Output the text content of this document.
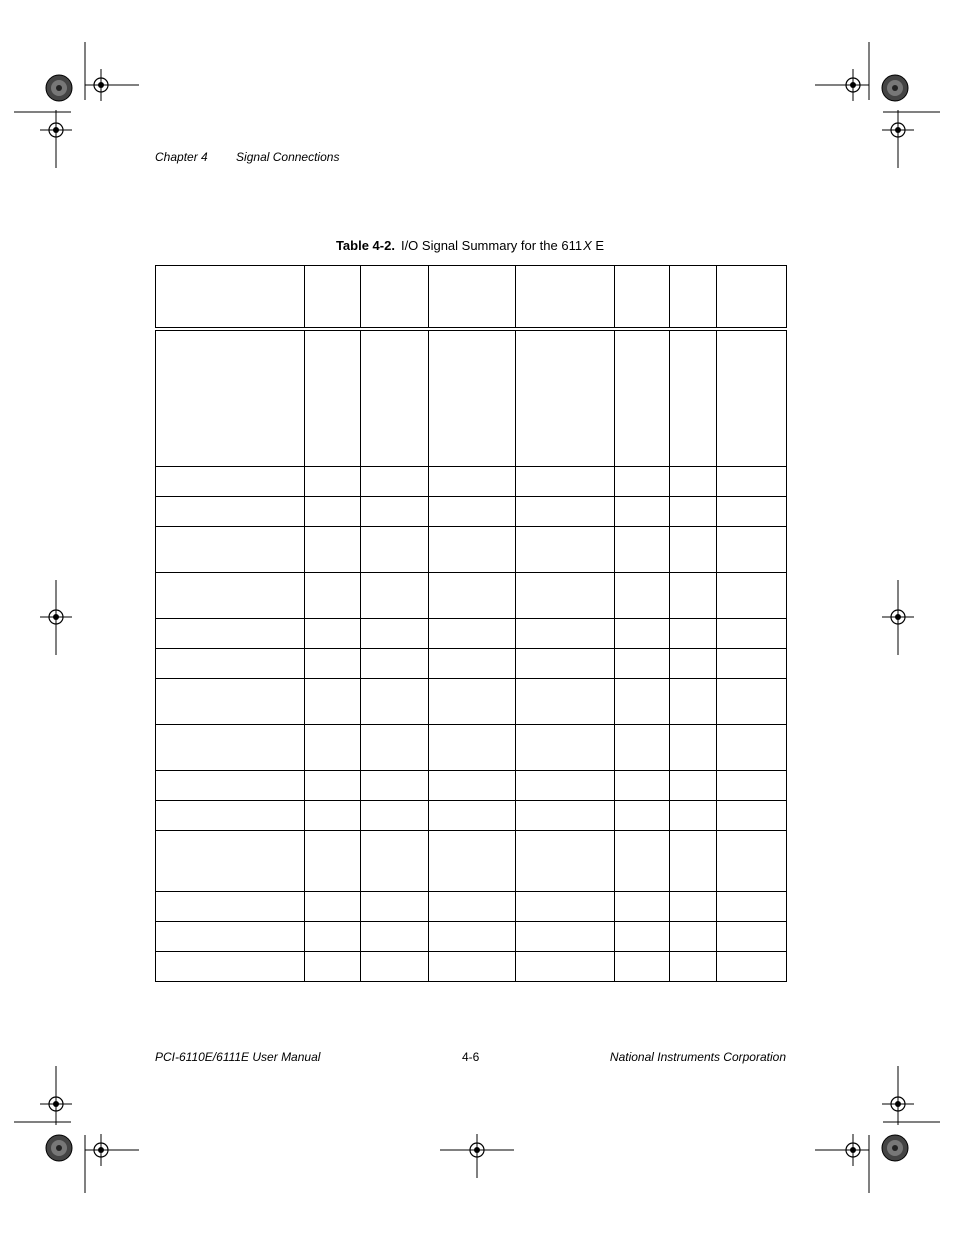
Chapter 4 Signal Connections
Table 4-2. I/O Signal Summary for the 611X E

PCI-6110E/6111E User Manual	4-6	National Instruments Corporation
